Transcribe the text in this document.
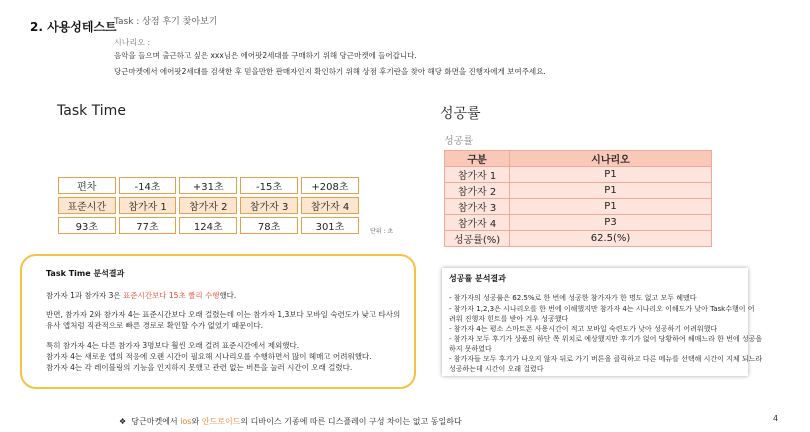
2. 사용성테스트
Task : 상점 후기 찾아보기
시나리오 :
음악을 들으며 출근하고 싶은 xxx님은 에어팟2세대를 구매하기 위해 당근마켓에 들어갑니다.
당근마켓에서 에어팟2세대를 검색한 후 믿을만한 판매자인지 확인하기 위해 상점 후기란을 찾아 해당 화면을 진행자에게 보여주세요.
Task Time
편차	-14초	+31초	-15초	+208초
표준시간	참가자 1	참가자 2	참가자 3	참가자 4
93초	77초	124초	78초	301초	단위 : 초
성공률
성공률
구분	시나리오
참가자 1	P1
참가자 2	P1
참가자 3	P1
참가자 4	P3
성공률(%)	62.5(%)
Task Time 분석결과
참가자 1과 참가자 3은 표준시간보다 15초 빨리 수행했다.
반면, 참가자 2와 참가자 4는 표준시간보다 오래 걸렸는데 이는 참가자 1,3보다 모바일 숙련도가 낮고 타사의
유사 앱처럼 직관적으로 빠른 경로로 확인할 수가 없었기 때문이다.
특히 참가자 4는 다른 참가자 3명보다 훨씬 오래 걸려 표준시간에서 제외했다.
참가자 4는 새로운 앱의 적응에 오랜 시간이 필요해 시나리오를 수행하면서 많이 헤매고 어려워했다.
참가자 4는 각 레이블링의 기능을 인지하지 못했고 관련 없는 버튼을 눌러 시간이 오래 걸렸다.
성공률 분석결과
- 참가자의 성공률은 62.5%로 한 번에 성공한 참가자가 한 명도 없고 모두 헤맸다
- 참가자 1,2,3은 시나리오를 한 번에 이해했지만 참가자 4는 시나리오 이해도가 낮아 Task수행이 어
려워 진행자 힌트를 받아 겨우 성공했다
- 참가자 4는 평소 스마트폰 사용시간이 적고 모바일 숙련도가 낮아 성공하기 어려워했다
- 참가자 모두 후기가 상품의 하단 쪽 위치로 예상했지만 후기가 없어 당황하여 헤매느라 한 번에 성공을
하지 못하였다
- 참가자들 모두 후기가 나오지 않자 뒤로 가기 버튼을 클릭하고 다른 메뉴를 선택해 시간이 지체 되느라
성공하는데 시간이 오래 걸렸다
❖ 당근마켓에서 ios와 안드로이드의 디바이스 기종에 따른 디스플레이 구성 차이는 없고 동일하다	4
